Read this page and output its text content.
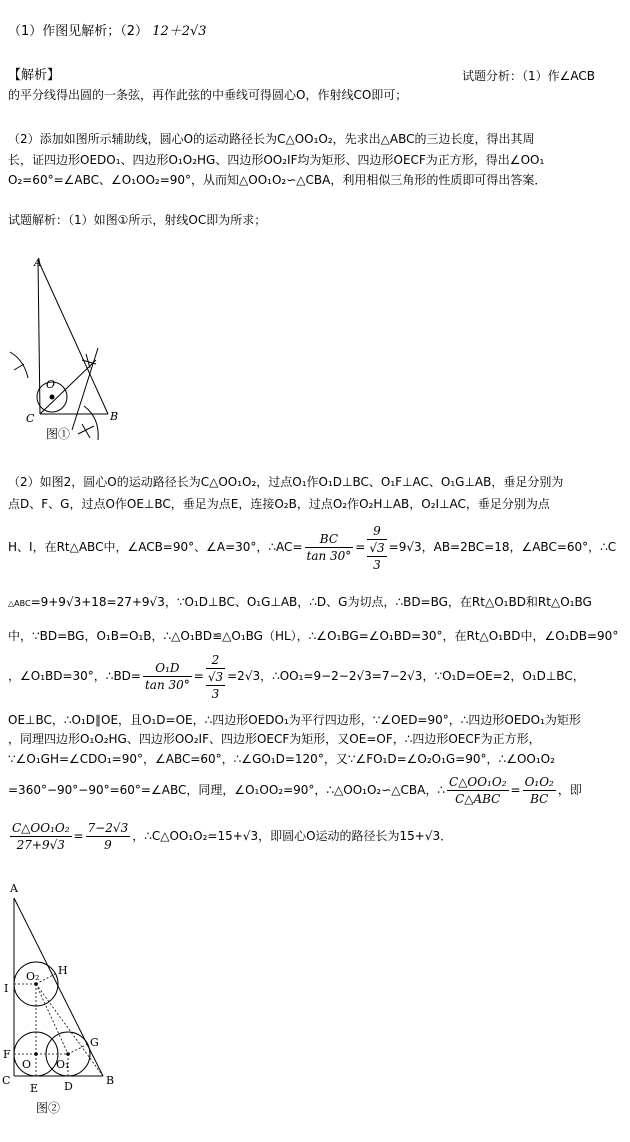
（1）作图见解析；（2） 12＋2√3
【解析】	试题分析：（1）作∠ACB
的平分线得出圆的一条弦，再作此弦的中垂线可得圆心O，作射线CO即可；
（2）添加如图所示辅助线，圆心O的运动路径长为C△OO₁O₂，先求出△ABC的三边长度，得出其周
长，证四边形OEDO₁、四边形O₁O₂HG、四边形OO₂IF均为矩形、四边形OECF为正方形，得出∠OO₁
O₂=60°=∠ABC、∠O₁OO₂=90°，从而知△OO₁O₂∽△CBA，利用相似三角形的性质即可得出答案．
试题解析：（1）如图①所示，射线OC即为所求；
A
B
C
O
图①
（2）如图2，圆心O的运动路径长为C△OO₁O₂，过点O₁作O₁D⊥BC、O₁F⊥AC、O₁G⊥AB，垂足分别为
点D、F、G，过点O作OE⊥BC，垂足为点E，连接O₂B，过点O₂作O₂H⊥AB，O₂I⊥AC，垂足分别为点
H、I，在Rt△ABC中，∠ACB=90°、∠A=30°，∴AC= $\frac{BC}{\tan 30^\circ}$ =
9
√3
3
=9√3，AB=2BC=18，∠ABC=60°，∴C
△ABC=9+9√3+18=27+9√3，∵O₁D⊥BC、O₁G⊥AB，∴D、G为切点，∴BD=BG，在Rt△O₁BD和Rt△O₁BG
中，∵BD=BG，O₁B=O₁B，∴△O₁BD≌△O₁BG（HL），∴∠O₁BG=∠O₁BD=30°，在Rt△O₁BD中，∠O₁DB=90°
，∠O₁BD=30°，∴BD= $\frac{\text{O₁D}}{\tan 30^\circ}$ =
2
√3
3
=2√3，∴OO₁=9−2−2√3=7−2√3，∵O₁D=OE=2，O₁D⊥BC，
OE⊥BC，∴O₁D∥OE，且O₁D=OE，∴四边形OEDO₁为平行四边形，∵∠OED=90°，∴四边形OEDO₁为矩形
，同理四边形O₁O₂HG、四边形OO₂IF、四边形OECF为矩形，又OE=OF，∴四边形OECF为正方形，
∵∠O₁GH=∠CDO₁=90°，∠ABC=60°，∴∠GO₁D=120°，又∵∠FO₁D=∠O₂O₁G=90°，∴∠OO₁O₂
=360°−90°−90°=60°=∠ABC，同理，∠O₁OO₂=90°，∴△OO₁O₂∽△CBA，∴ $\frac{\text{C△OO₁O₂}}{\text{C△ABC}} = \frac{\text{O₁O₂}}{BC}$ ，即
$\frac{\text{C△OO₁O₂}}{27+9√3} = \frac{7-2√3}{9}$ ，∴C△OO₁O₂=15+√3，即圆心O运动的路径长为15+√3．
A
B
C	D
E
F
G
H
I
O O₁
O₂
图②
